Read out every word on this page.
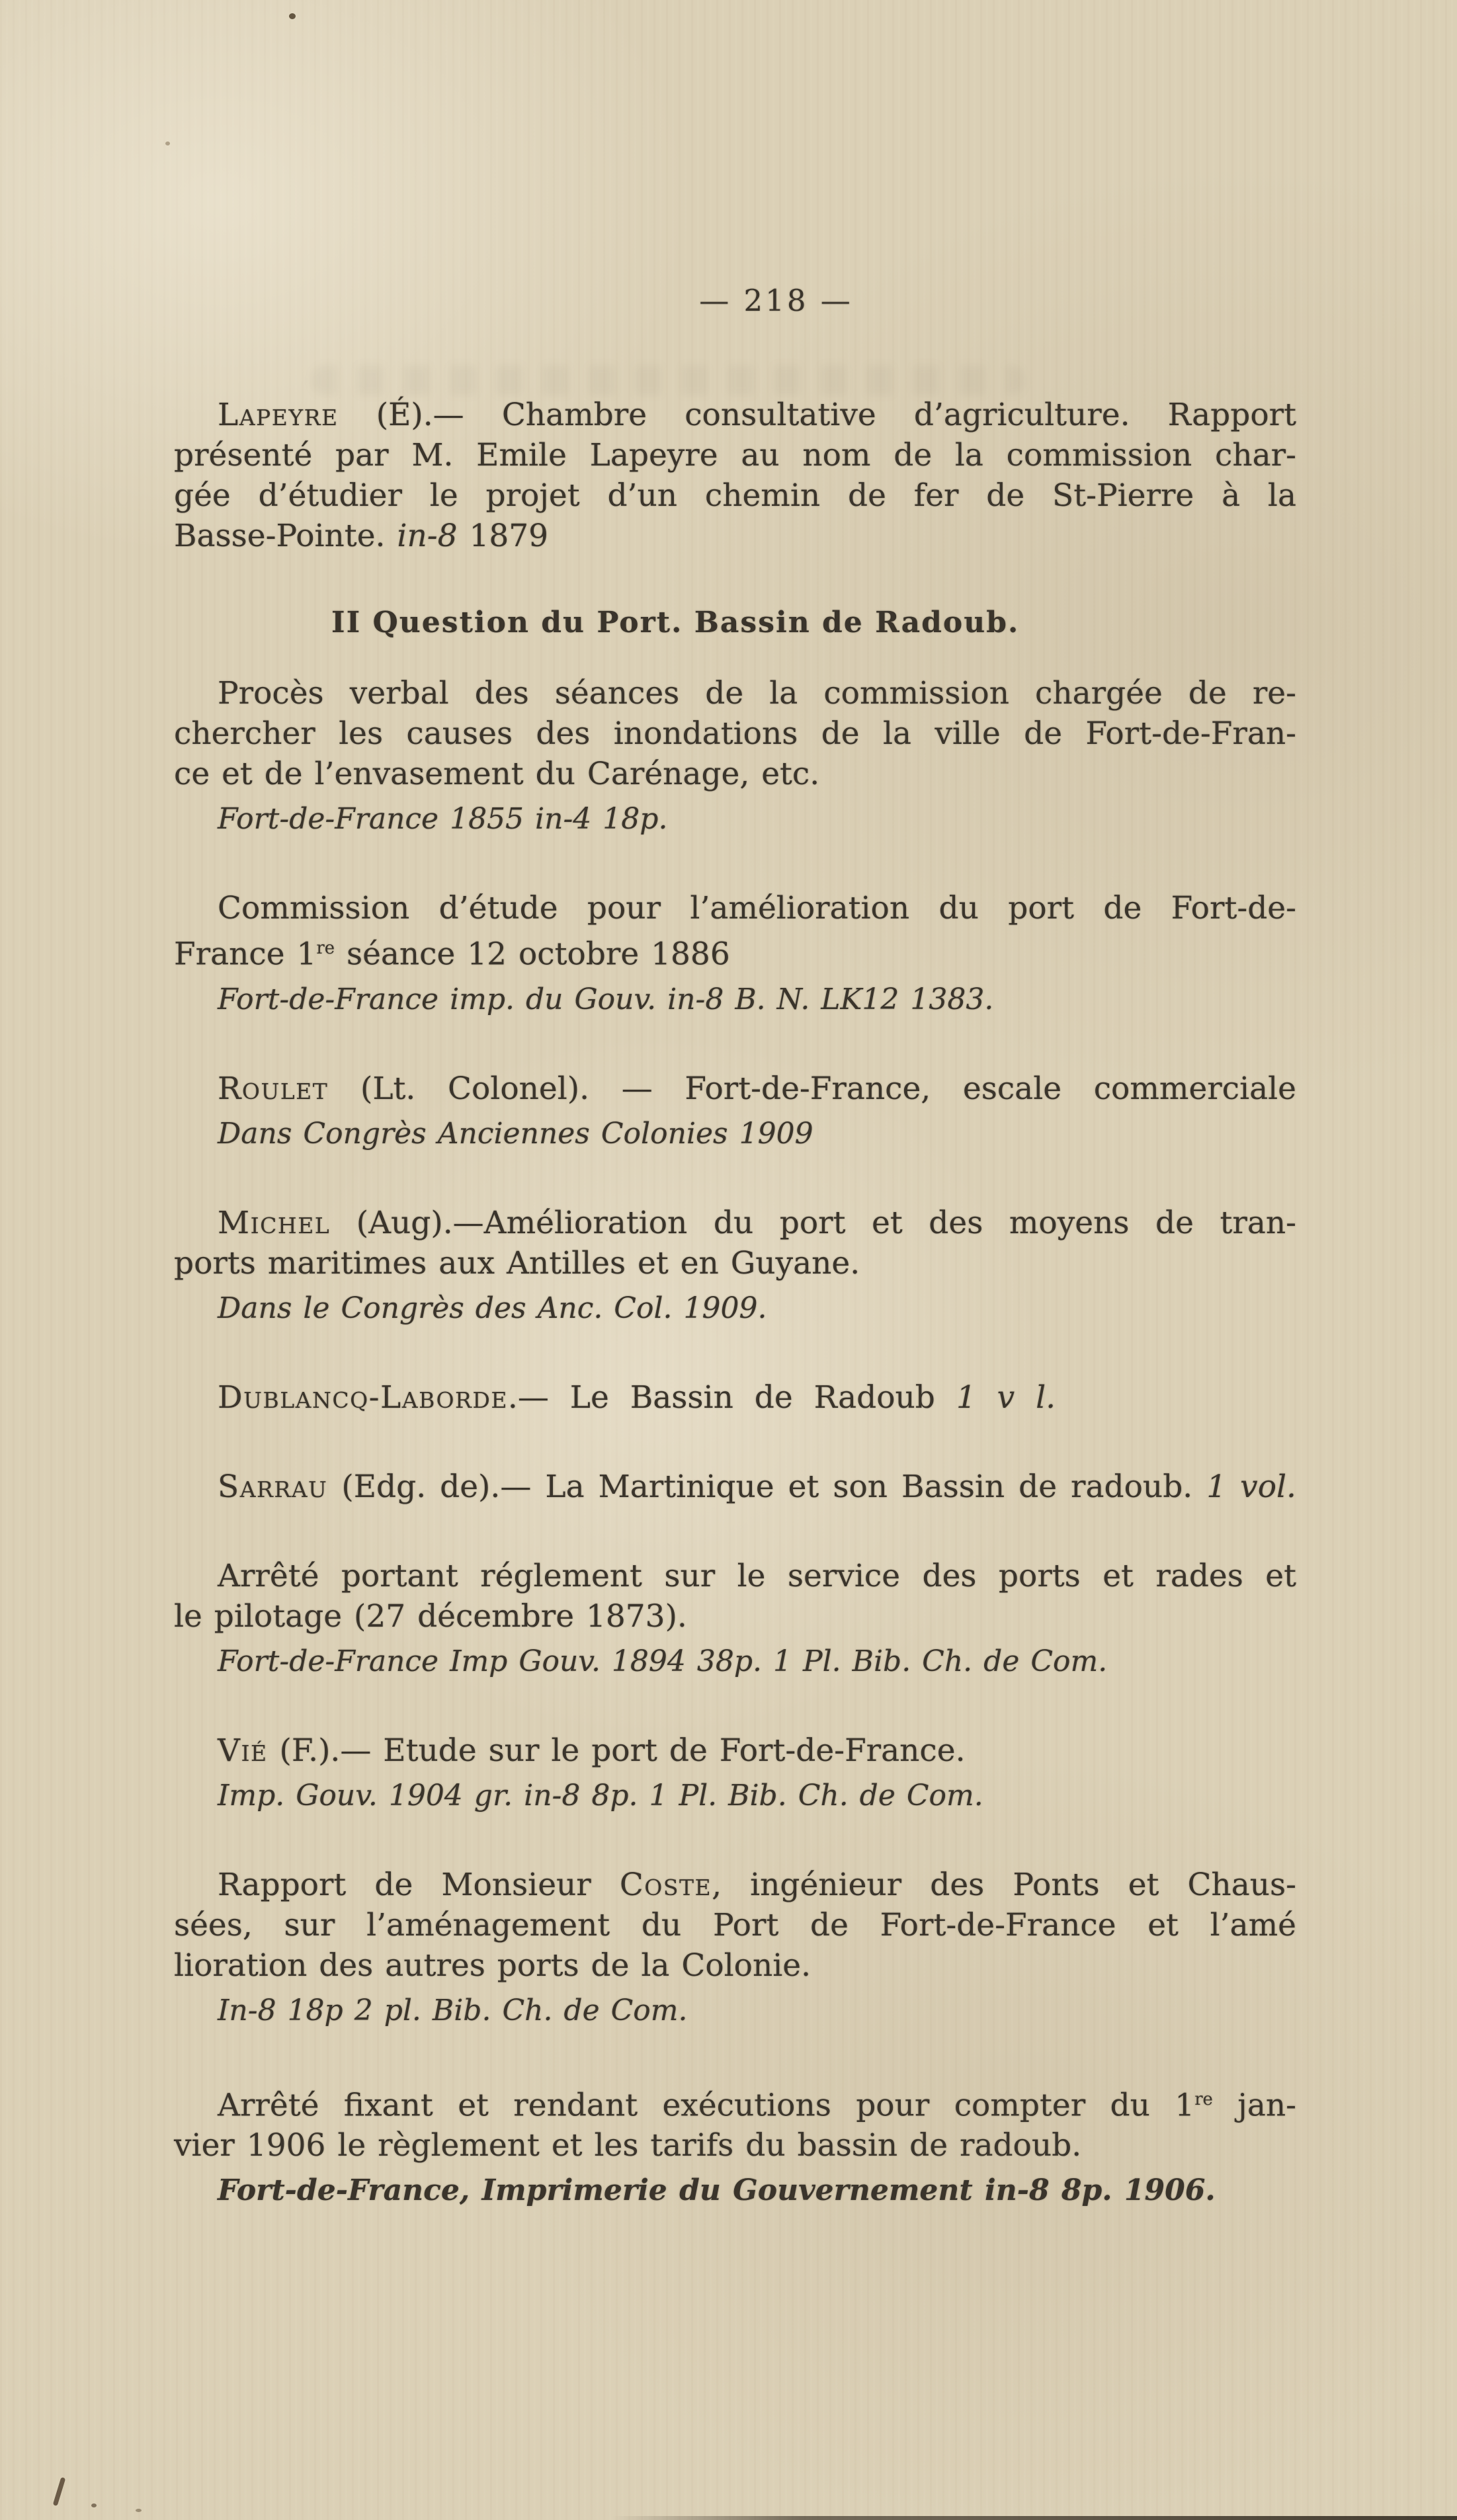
— 218 —
Lapeyre (É).— Chambre consultative d’agriculture. Rapport
présenté par M. Emile Lapeyre au nom de la commission char-
gée d’étudier le projet d’un chemin de fer de St-Pierre à la
Basse-Pointe. in-8 1879
II Question du Port. Bassin de Radoub.
Procès verbal des séances de la commission chargée de re-
chercher les causes des inondations de la ville de Fort-de-Fran-
ce et de l’envasement du Carénage, etc.
Fort-de-France 1855 in-4 18p.
Commission d’étude pour l’amélioration du port de Fort-de-
France 1re séance 12 octobre 1886
Fort-de-France imp. du Gouv. in-8 B. N. LK12 1383.
Roulet (Lt. Colonel). — Fort-de-France, escale commerciale
Dans Congrès Anciennes Colonies 1909
Michel (Aug).—Amélioration du port et des moyens de tran-
ports maritimes aux Antilles et en Guyane.
Dans le Congrès des Anc. Col. 1909.
Dublancq-Laborde.— Le Bassin de Radoub 1 v l.
Sarrau (Edg. de).— La Martinique et son Bassin de radoub. 1 vol.
Arrêté portant réglement sur le service des ports et rades et
le pilotage (27 décembre 1873).
Fort-de-France Imp Gouv. 1894 38p. 1 Pl. Bib. Ch. de Com.
Vié (F.).— Etude sur le port de Fort-de-France.
Imp. Gouv. 1904 gr. in-8 8p. 1 Pl. Bib. Ch. de Com.
Rapport de Monsieur Coste, ingénieur des Ponts et Chaus-
sées, sur l’aménagement du Port de Fort-de-France et l’amé
lioration des autres ports de la Colonie.
In-8 18p 2 pl. Bib. Ch. de Com.
Arrêté fixant et rendant exécutions pour compter du 1re jan-
vier 1906 le règlement et les tarifs du bassin de radoub.
Fort-de-France, Imprimerie du Gouvernement in-8 8p. 1906.
